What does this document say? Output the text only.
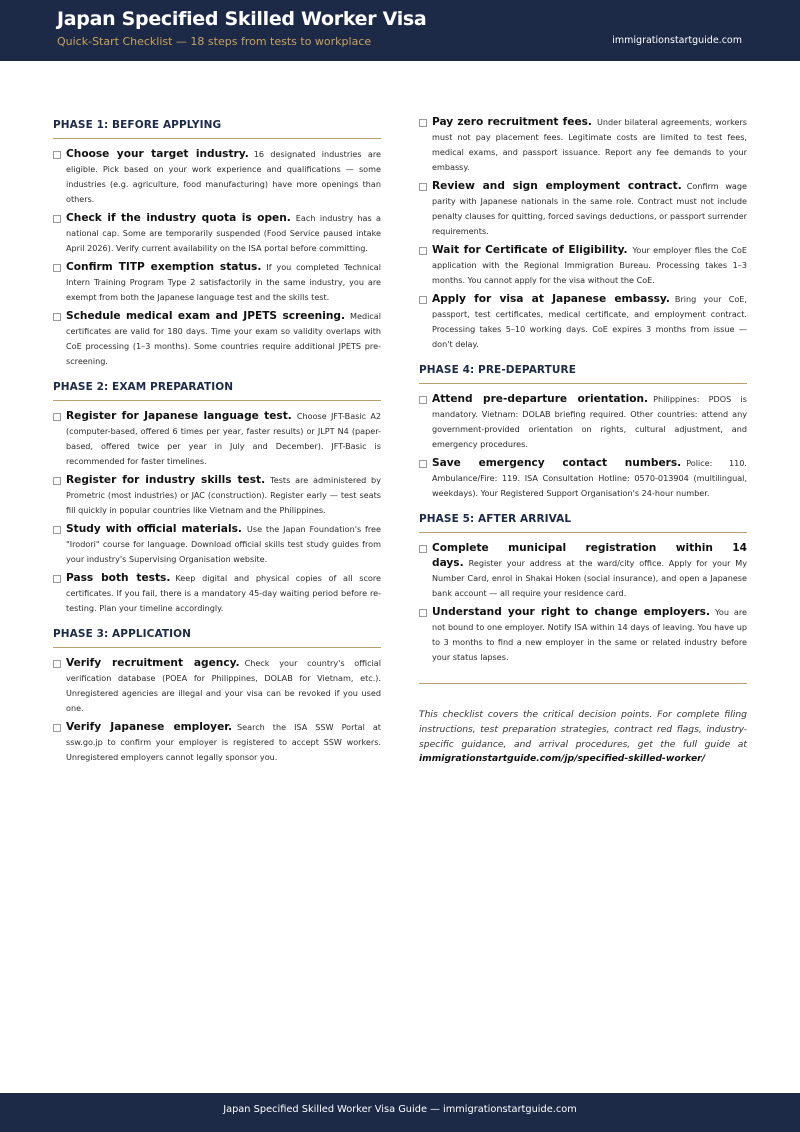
Japan Specified Skilled Worker Visa
Quick-Start Checklist — 18 steps from tests to workplace	immigrationstartguide.com
PHASE 1: BEFORE APPLYING
Choose your target industry. 16 designated industries are eligible. Pick based on your work experience and qualifications — some industries (e.g. agriculture, food manufacturing) have more openings than others.
Check if the industry quota is open. Each industry has a national cap. Some are temporarily suspended (Food Service paused intake April 2026). Verify current availability on the ISA portal before committing.
Confirm TITP exemption status. If you completed Technical Intern Training Program Type 2 satisfactorily in the same industry, you are exempt from both the Japanese language test and the skills test.
Schedule medical exam and JPETS screening. Medical certificates are valid for 180 days. Time your exam so validity overlaps with CoE processing (1–3 months). Some countries require additional JPETS pre-screening.
PHASE 2: EXAM PREPARATION
Register for Japanese language test. Choose JFT-Basic A2 (computer-based, offered 6 times per year, faster results) or JLPT N4 (paper-based, offered twice per year in July and December). JFT-Basic is recommended for faster timelines.
Register for industry skills test. Tests are administered by Prometric (most industries) or JAC (construction). Register early — test seats fill quickly in popular countries like Vietnam and the Philippines.
Study with official materials. Use the Japan Foundation's free "Irodori" course for language. Download official skills test study guides from your industry's Supervising Organisation website.
Pass both tests. Keep digital and physical copies of all score certificates. If you fail, there is a mandatory 45-day waiting period before re-testing. Plan your timeline accordingly.
PHASE 3: APPLICATION
Verify recruitment agency. Check your country's official verification database (POEA for Philippines, DOLAB for Vietnam, etc.). Unregistered agencies are illegal and your visa can be revoked if you used one.
Verify Japanese employer. Search the ISA SSW Portal at ssw.go.jp to confirm your employer is registered to accept SSW workers. Unregistered employers cannot legally sponsor you.
Pay zero recruitment fees. Under bilateral agreements, workers must not pay placement fees. Legitimate costs are limited to test fees, medical exams, and passport issuance. Report any fee demands to your embassy.
Review and sign employment contract. Confirm wage parity with Japanese nationals in the same role. Contract must not include penalty clauses for quitting, forced savings deductions, or passport surrender requirements.
Wait for Certificate of Eligibility. Your employer files the CoE application with the Regional Immigration Bureau. Processing takes 1–3 months. You cannot apply for the visa without the CoE.
Apply for visa at Japanese embassy. Bring your CoE, passport, test certificates, medical certificate, and employment contract. Processing takes 5–10 working days. CoE expires 3 months from issue — don't delay.
PHASE 4: PRE-DEPARTURE
Attend pre-departure orientation. Philippines: PDOS is mandatory. Vietnam: DOLAB briefing required. Other countries: attend any government-provided orientation on rights, cultural adjustment, and emergency procedures.
Save emergency contact numbers. Police: 110. Ambulance/Fire: 119. ISA Consultation Hotline: 0570-013904 (multilingual, weekdays). Your Registered Support Organisation's 24-hour number.
PHASE 5: AFTER ARRIVAL
Complete municipal registration within 14 days. Register your address at the ward/city office. Apply for your My Number Card, enrol in Shakai Hoken (social insurance), and open a Japanese bank account — all require your residence card.
Understand your right to change employers. You are not bound to one employer. Notify ISA within 14 days of leaving. You have up to 3 months to find a new employer in the same or related industry before your status lapses.
This checklist covers the critical decision points. For complete filing instructions, test preparation strategies, contract red flags, industry-specific guidance, and arrival procedures, get the full guide at immigrationstartguide.com/jp/specified-skilled-worker/
Japan Specified Skilled Worker Visa Guide — immigrationstartguide.com
